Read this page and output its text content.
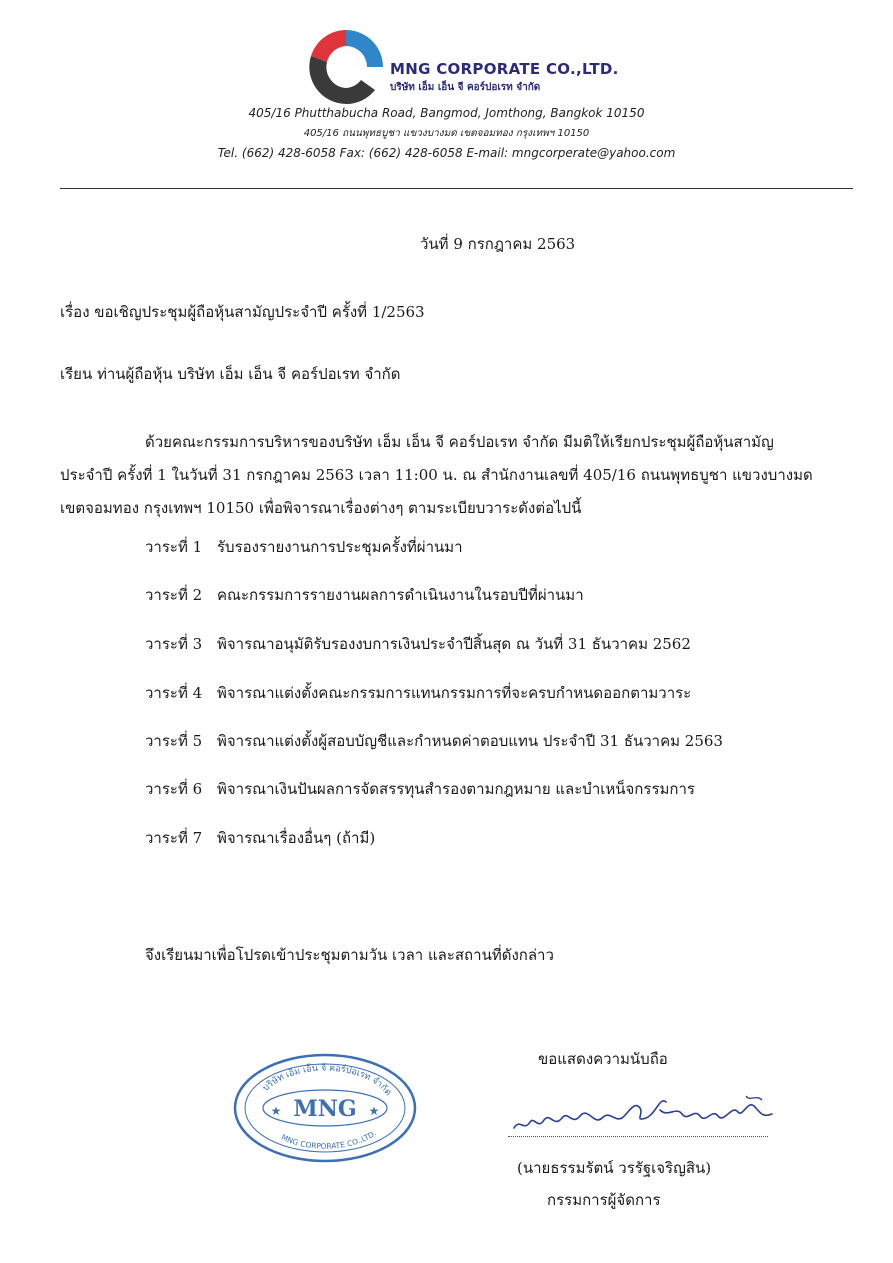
MNG CORPORATE CO.,LTD.
บริษัท เอ็ม เอ็น จี คอร์ปอเรท จำกัด
405/16 Phutthabucha Road, Bangmod, Jomthong, Bangkok 10150
405/16 ถนนพุทธบูชา แขวงบางมด เขตจอมทอง กรุงเทพฯ 10150
Tel. (662) 428-6058 Fax: (662) 428-6058 E-mail: mngcorperate@yahoo.com
วันที่ 9 กรกฎาคม 2563
เรื่อง ขอเชิญประชุมผู้ถือหุ้นสามัญประจำปี ครั้งที่ 1/2563
เรียน ท่านผู้ถือหุ้น บริษัท เอ็ม เอ็น จี คอร์ปอเรท จำกัด
ด้วยคณะกรรมการบริหารของบริษัท เอ็ม เอ็น จี คอร์ปอเรท จำกัด มีมติให้เรียกประชุมผู้ถือหุ้นสามัญ
ประจำปี ครั้งที่ 1 ในวันที่ 31 กรกฎาคม 2563 เวลา 11:00 น. ณ สำนักงานเลขที่ 405/16 ถนนพุทธบูชา แขวงบางมด
เขตจอมทอง กรุงเทพฯ 10150 เพื่อพิจารณาเรื่องต่างๆ ตามระเบียบวาระดังต่อไปนี้
วาระที่ 1 รับรองรายงานการประชุมครั้งที่ผ่านมา
วาระที่ 2 คณะกรรมการรายงานผลการดำเนินงานในรอบปีที่ผ่านมา
วาระที่ 3 พิจารณาอนุมัติรับรองงบการเงินประจำปีสิ้นสุด ณ วันที่ 31 ธันวาคม 2562
วาระที่ 4 พิจารณาแต่งตั้งคณะกรรมการแทนกรรมการที่จะครบกำหนดออกตามวาระ
วาระที่ 5 พิจารณาแต่งตั้งผู้สอบบัญชีและกำหนดค่าตอบแทน ประจำปี 31 ธันวาคม 2563
วาระที่ 6 พิจารณาเงินปันผลการจัดสรรทุนสำรองตามกฎหมาย และบำเหน็จกรรมการ
วาระที่ 7 พิจารณาเรื่องอื่นๆ (ถ้ามี)
จึงเรียนมาเพื่อโปรดเข้าประชุมตามวัน เวลา และสถานที่ดังกล่าว
ขอแสดงความนับถือ
บริษัท เอ็ม เอ็น จี คอร์ปอเรท จำกัด
MNG
★	★
MNG CORPORATE CO.,LTD.
(นายธรรมรัตน์ วรรัฐเจริญสิน)
กรรมการผู้จัดการ
